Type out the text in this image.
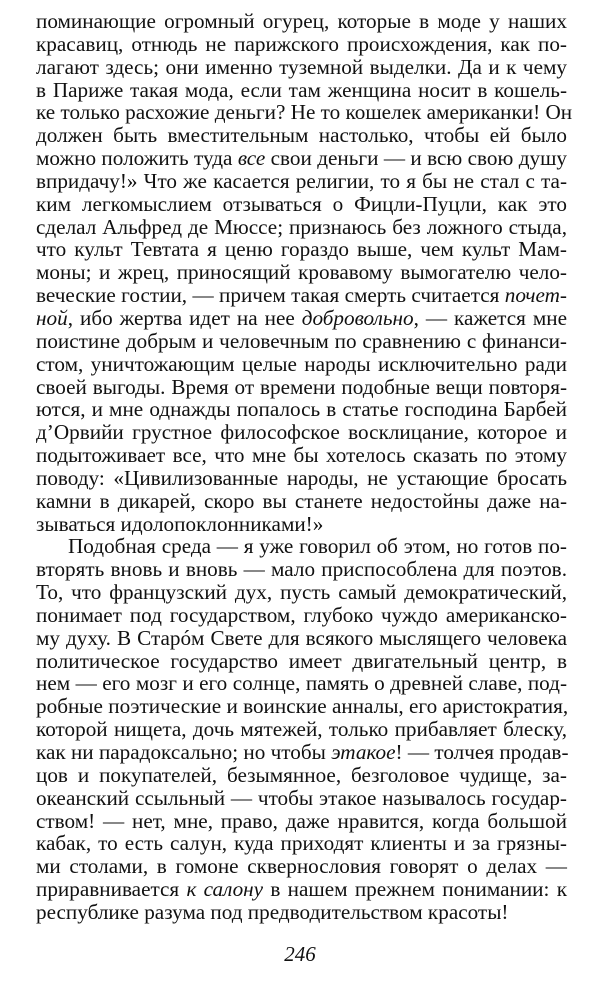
поминающие огромный огурец, которые в моде у наших
красавиц, отнюдь не парижского происхождения, как по-
лагают здесь; они именно туземной выделки. Да и к чему
в Париже такая мода, если там женщина носит в кошель-
ке только расхожие деньги? Не то кошелек американки! Он
должен быть вместительным настолько, чтобы ей было
можно положить туда все свои деньги — и всю свою душу
впридачу!» Что же касается религии, то я бы не стал с та-
ким легкомыслием отзываться о Фицли-Пуцли, как это
сделал Альфред де Мюссе; признаюсь без ложного стыда,
что культ Тевтата я ценю гораздо выше, чем культ Мам-
моны; и жрец, приносящий кровавому вымогателю чело-
веческие гостии, — причем такая смерть считается почет-
ной, ибо жертва идет на нее добровольно, — кажется мне
поистине добрым и человечным по сравнению с финанси-
стом, уничтожающим целые народы исключительно ради
своей выгоды. Время от времени подобные вещи повторя-
ются, и мне однажды попалось в статье господина Барбей
д’Орвийи грустное философское восклицание, которое и
подытоживает все, что мне бы хотелось сказать по этому
поводу: «Цивилизованные народы, не устающие бросать
камни в дикарей, скоро вы станете недостойны даже на-
зываться идолопоклонниками!»
Подобная среда — я уже говорил об этом, но готов по-
вторять вновь и вновь — мало приспособлена для поэтов.
То, что французский дух, пусть самый демократический,
понимает под государством, глубоко чуждо американско-
му духу. В Старóм Свете для всякого мыслящего человека
политическое государство имеет двигательный центр, в
нем — его мозг и его солнце, память о древней славе, под-
робные поэтические и воинские анналы, его аристократия,
которой нищета, дочь мятежей, только прибавляет блеску,
как ни парадоксально; но чтобы этакое! — толчея продав-
цов и покупателей, безымянное, безголовое чудище, за-
океанский ссыльный — чтобы этакое называлось государ-
ством! — нет, мне, право, даже нравится, когда большой
кабак, то есть салун, куда приходят клиенты и за грязны-
ми столами, в гомоне сквернословия говорят о делах —
приравнивается к салону в нашем прежнем понимании: к
республике разума под предводительством красоты!
246
